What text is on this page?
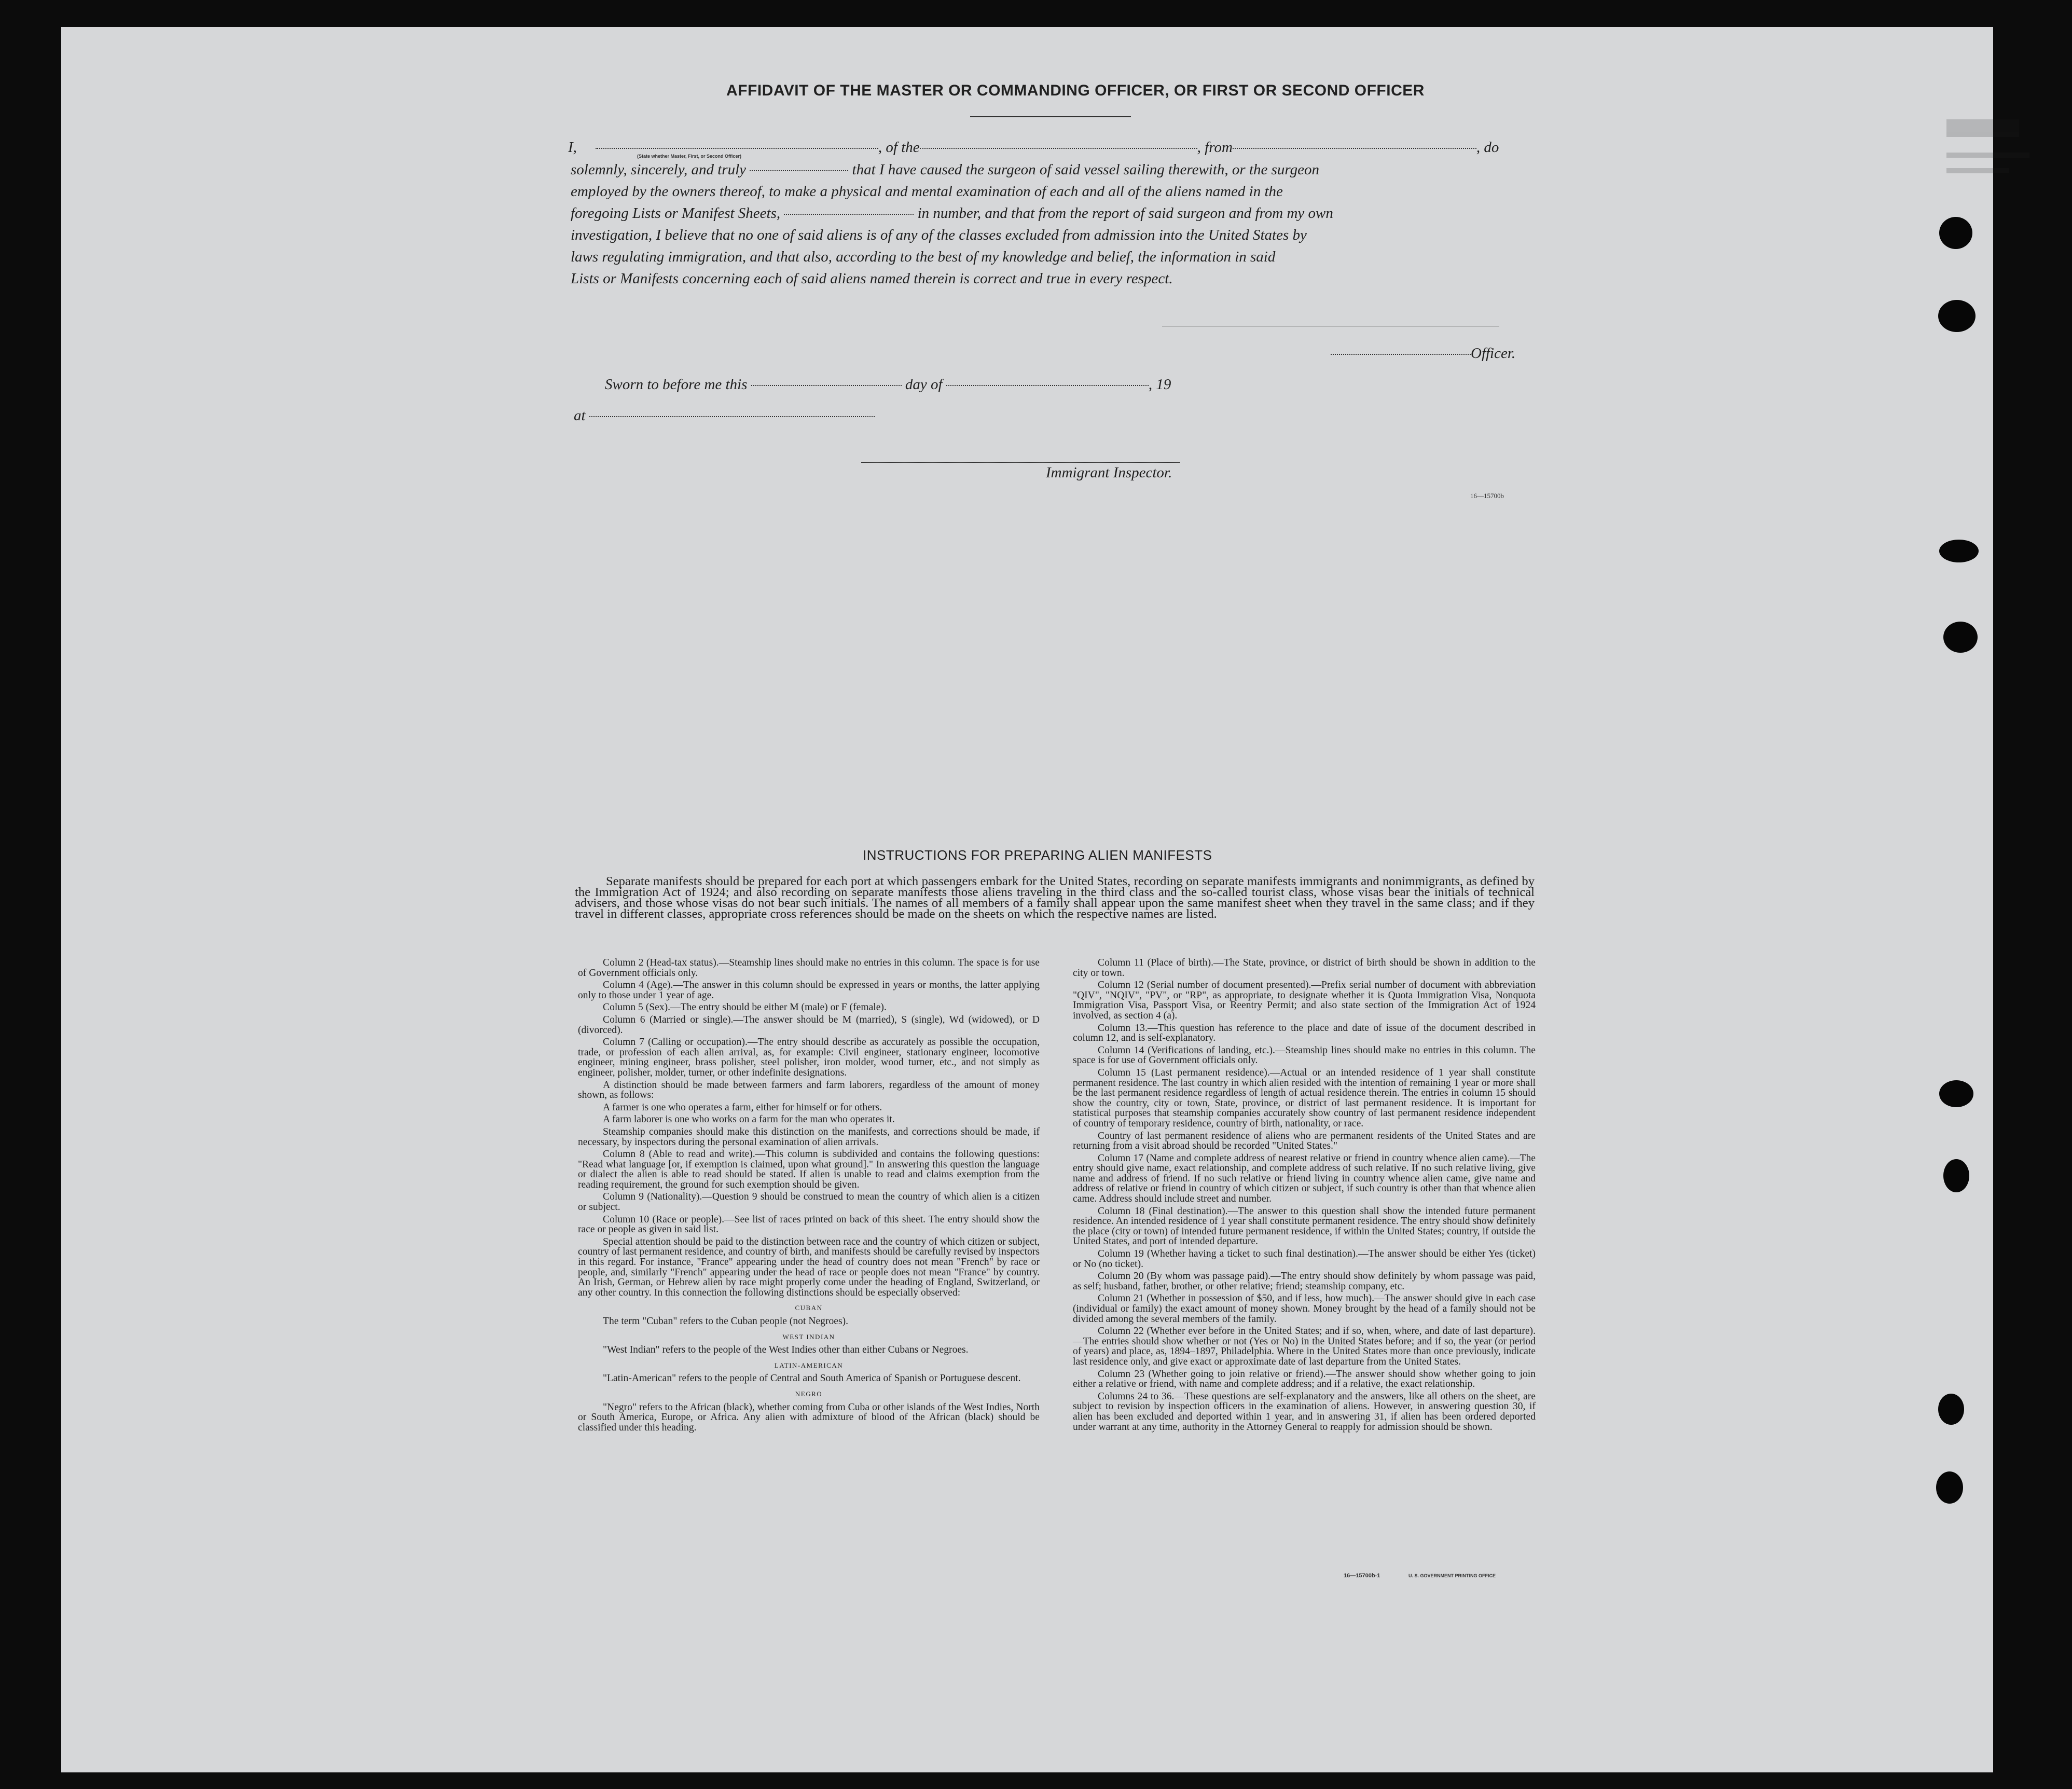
AFFIDAVIT OF THE MASTER OR COMMANDING OFFICER, OR FIRST OR SECOND OFFICER
I,	, of the	, from	, do
(State whether Master, First, or Second Officer)
solemnly, sincerely, and truly	that I have caused the surgeon of said vessel sailing therewith, or the surgeon
employed by the owners thereof, to make a physical and mental examination of each and all of the aliens named in the
foregoing Lists or Manifest Sheets,	in number, and that from the report of said surgeon and from my own
investigation, I believe that no one of said aliens is of any of the classes excluded from admission into the United States by
laws regulating immigration, and that also, according to the best of my knowledge and belief, the information in said
Lists or Manifests concerning each of said aliens named therein is correct and true in every respect.
Officer.
Sworn to before me this	day of	, 19
at
Immigrant Inspector.
16—15700b
INSTRUCTIONS FOR PREPARING ALIEN MANIFESTS
Separate manifests should be prepared for each port at which passengers embark for the United States, recording on separate manifests immigrants and nonimmigrants, as defined by the Immigration Act of 1924; and also recording on separate manifests those aliens traveling in the third class and the so-called tourist class, whose visas bear the initials of technical advisers, and those whose visas do not bear such initials. The names of all members of a family shall appear upon the same manifest sheet when they travel in the same class; and if they travel in different classes, appropriate cross references should be made on the sheets on which the respective names are listed.

Column 2 (Head-tax status).—Steamship lines should make no entries in this column. The space is for use of Government officials only.

Column 4 (Age).—The answer in this column should be expressed in years or months, the latter applying only to those under 1 year of age.

Column 5 (Sex).—The entry should be either M (male) or F (female).

Column 6 (Married or single).—The answer should be M (married), S (single), Wd (widowed), or D (divorced).

Column 7 (Calling or occupation).—The entry should describe as accurately as possible the occupation, trade, or profession of each alien arrival, as, for example: Civil engineer, stationary engineer, locomotive engineer, mining engineer, brass polisher, steel polisher, iron molder, wood turner, etc., and not simply as engineer, polisher, molder, turner, or other indefinite designations.

A distinction should be made between farmers and farm laborers, regardless of the amount of money shown, as follows:

A farmer is one who operates a farm, either for himself or for others.

A farm laborer is one who works on a farm for the man who operates it.

Steamship companies should make this distinction on the manifests, and corrections should be made, if necessary, by inspectors during the personal examination of alien arrivals.

Column 8 (Able to read and write).—This column is subdivided and contains the following questions: "Read what language [or, if exemption is claimed, upon what ground]." In answering this question the language or dialect the alien is able to read should be stated. If alien is unable to read and claims exemption from the reading requirement, the ground for such exemption should be given.

Column 9 (Nationality).—Question 9 should be construed to mean the country of which alien is a citizen or subject.

Column 10 (Race or people).—See list of races printed on back of this sheet. The entry should show the race or people as given in said list.

Special attention should be paid to the distinction between race and the country of which citizen or subject, country of last permanent residence, and country of birth, and manifests should be carefully revised by inspectors in this regard. For instance, "France" appearing under the head of country does not mean "French" by race or people, and, similarly "French" appearing under the head of race or people does not mean "France" by country. An Irish, German, or Hebrew alien by race might properly come under the heading of England, Switzerland, or any other country. In this connection the following distinctions should be especially observed:

CUBAN

The term "Cuban" refers to the Cuban people (not Negroes).

WEST INDIAN

"West Indian" refers to the people of the West Indies other than either Cubans or Negroes.

LATIN-AMERICAN

"Latin-American" refers to the people of Central and South America of Spanish or Portuguese descent.

NEGRO

"Negro" refers to the African (black), whether coming from Cuba or other islands of the West Indies, North or South America, Europe, or Africa. Any alien with admixture of blood of the African (black) should be classified under this heading.

Column 11 (Place of birth).—The State, province, or district of birth should be shown in addition to the city or town.

Column 12 (Serial number of document presented).—Prefix serial number of document with abbreviation "QIV", "NQIV", "PV", or "RP", as appropriate, to designate whether it is Quota Immigration Visa, Nonquota Immigration Visa, Passport Visa, or Reentry Permit; and also state section of the Immigration Act of 1924 involved, as section 4 (a).

Column 13.—This question has reference to the place and date of issue of the document described in column 12, and is self-explanatory.

Column 14 (Verifications of landing, etc.).—Steamship lines should make no entries in this column. The space is for use of Government officials only.

Column 15 (Last permanent residence).—Actual or an intended residence of 1 year shall constitute permanent residence. The last country in which alien resided with the intention of remaining 1 year or more shall be the last permanent residence regardless of length of actual residence therein. The entries in column 15 should show the country, city or town, State, province, or district of last permanent residence. It is important for statistical purposes that steamship companies accurately show country of last permanent residence independent of country of temporary residence, country of birth, nationality, or race.

Country of last permanent residence of aliens who are permanent residents of the United States and are returning from a visit abroad should be recorded "United States."

Column 17 (Name and complete address of nearest relative or friend in country whence alien came).—The entry should give name, exact relationship, and complete address of such relative. If no such relative living, give name and address of friend. If no such relative or friend living in country whence alien came, give name and address of relative or friend in country of which citizen or subject, if such country is other than that whence alien came. Address should include street and number.

Column 18 (Final destination).—The answer to this question shall show the intended future permanent residence. An intended residence of 1 year shall constitute permanent residence. The entry should show definitely the place (city or town) of intended future permanent residence, if within the United States; country, if outside the United States, and port of intended departure.

Column 19 (Whether having a ticket to such final destination).—The answer should be either Yes (ticket) or No (no ticket).

Column 20 (By whom was passage paid).—The entry should show definitely by whom passage was paid, as self; husband, father, brother, or other relative; friend; steamship company, etc.

Column 21 (Whether in possession of $50, and if less, how much).—The answer should give in each case (individual or family) the exact amount of money shown. Money brought by the head of a family should not be divided among the several members of the family.

Column 22 (Whether ever before in the United States; and if so, when, where, and date of last departure).—The entries should show whether or not (Yes or No) in the United States before; and if so, the year (or period of years) and place, as, 1894–1897, Philadelphia. Where in the United States more than once previously, indicate last residence only, and give exact or approximate date of last departure from the United States.

Column 23 (Whether going to join relative or friend).—The answer should show whether going to join either a relative or friend, with name and complete address; and if a relative, the exact relationship.

Columns 24 to 36.—These questions are self-explanatory and the answers, like all others on the sheet, are subject to revision by inspection officers in the examination of aliens. However, in answering question 30, if alien has been excluded and deported within 1 year, and in answering 31, if alien has been ordered deported under warrant at any time, authority in the Attorney General to reapply for admission should be shown.

16—15700b-1	U. S. GOVERNMENT PRINTING OFFICE
